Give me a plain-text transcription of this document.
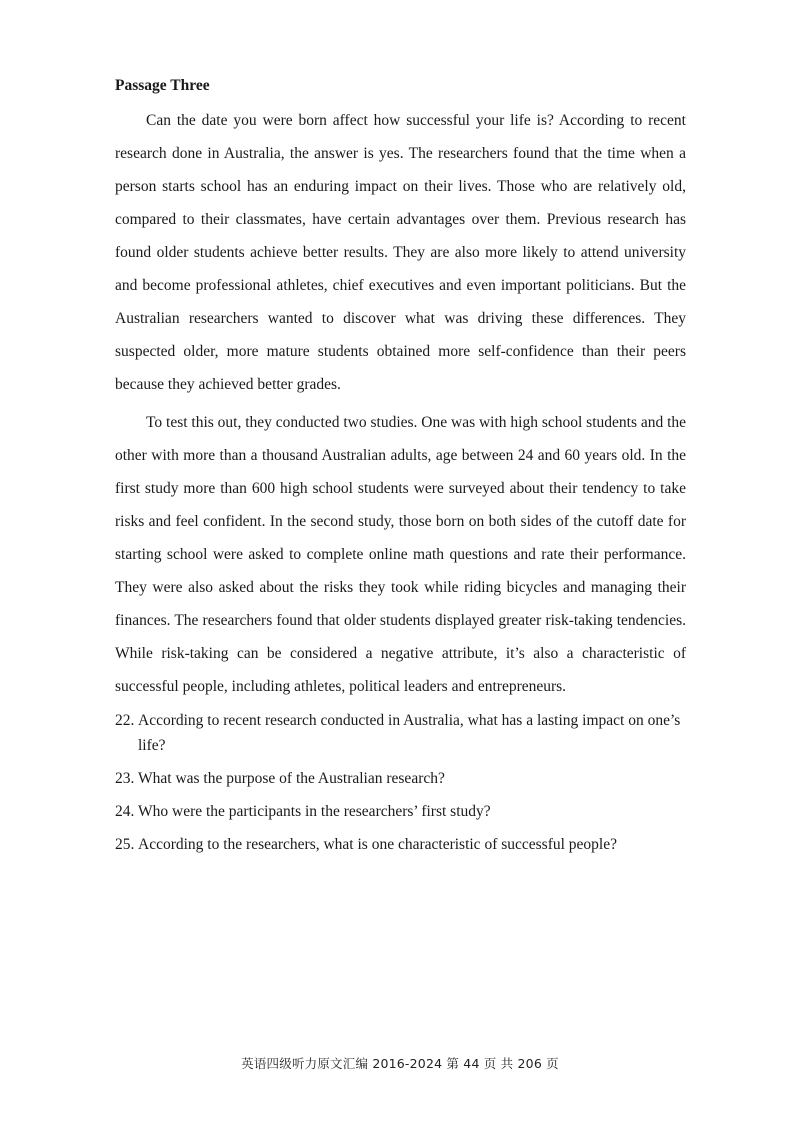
Passage Three
Can the date you were born affect how successful your life is? According to recent
research done in Australia, the answer is yes. The researchers found that the time when a
person starts school has an enduring impact on their lives. Those who are relatively old,
compared to their classmates, have certain advantages over them. Previous research has
found older students achieve better results. They are also more likely to attend university
and become professional athletes, chief executives and even important politicians. But the
Australian researchers wanted to discover what was driving these differences. They
suspected older, more mature students obtained more self-confidence than their peers
because they achieved better grades.
To test this out, they conducted two studies. One was with high school students and the
other with more than a thousand Australian adults, age between 24 and 60 years old. In the
first study more than 600 high school students were surveyed about their tendency to take
risks and feel confident. In the second study, those born on both sides of the cutoff date for
starting school were asked to complete online math questions and rate their performance.
They were also asked about the risks they took while riding bicycles and managing their
finances. The researchers found that older students displayed greater risk-taking tendencies.
While risk-taking can be considered a negative attribute, it’s also a characteristic of
successful people, including athletes, political leaders and entrepreneurs.
22. According to recent research conducted in Australia, what has a lasting impact on one’s life?
23. What was the purpose of the Australian research?
24. Who were the participants in the researchers’ first study?
25. According to the researchers, what is one characteristic of successful people?
英语四级听力原文汇编 2016-2024 第 44 页 共 206 页
